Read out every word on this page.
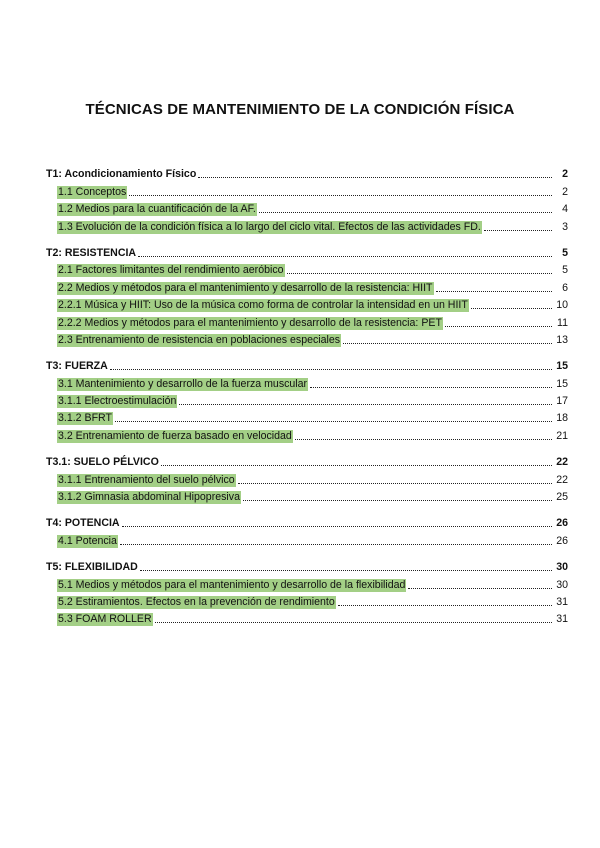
TÉCNICAS DE MANTENIMIENTO DE LA CONDICIÓN FÍSICA
T1: Acondicionamiento Físico	2
1.1 Conceptos	2
1.2 Medios para la cuantificación de la AF.	4
1.3 Evolución de la condición física a lo largo del ciclo vital. Efectos de las actividades FD.	3
T2: RESISTENCIA	5
2.1 Factores limitantes del rendimiento aeróbico	5
2.2 Medios y métodos para el mantenimiento y desarrollo de la resistencia: HIIT	6
2.2.1 Música y HIIT: Uso de la música como forma de controlar la intensidad en un HIIT	10
2.2.2 Medios y métodos para el mantenimiento y desarrollo de la resistencia: PET	11
2.3 Entrenamiento de resistencia en poblaciones especiales	13
T3: FUERZA	15
3.1 Mantenimiento y desarrollo de la fuerza muscular	15
3.1.1 Electroestimulación	17
3.1.2 BFRT	18
3.2 Entrenamiento de fuerza basado en velocidad	21
T3.1: SUELO PÉLVICO	22
3.1.1 Entrenamiento del suelo pélvico	22
3.1.2 Gimnasia abdominal Hipopresiva	25
T4: POTENCIA	26
4.1 Potencia	26
T5: FLEXIBILIDAD	30
5.1 Medios y métodos para el mantenimiento y desarrollo de la flexibilidad	30
5.2 Estiramientos. Efectos en la prevención de rendimiento	31
5.3 FOAM ROLLER	31
